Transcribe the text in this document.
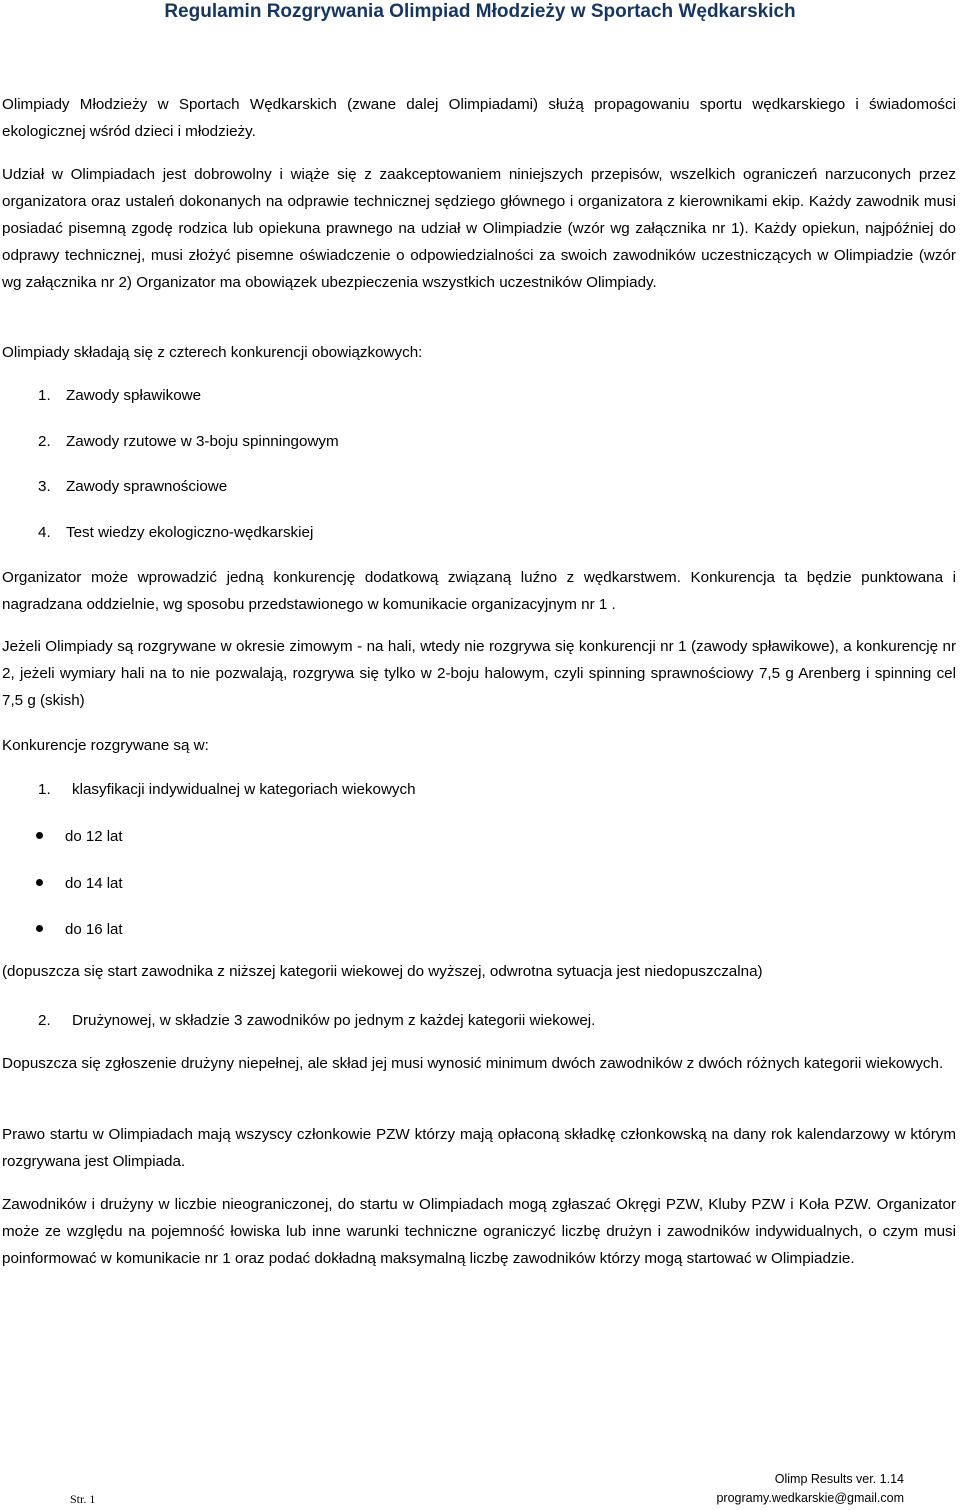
Regulamin Rozgrywania Olimpiad Młodzieży w Sportach Wędkarskich

Olimpiady Młodzieży w Sportach Wędkarskich (zwane dalej Olimpiadami) służą propagowaniu sportu wędkarskiego i świadomości ekologicznej wśród dzieci i młodzieży.

Udział w Olimpiadach jest dobrowolny i wiąże się z zaakceptowaniem niniejszych przepisów, wszelkich ograniczeń narzuconych przez organizatora oraz ustaleń dokonanych na odprawie technicznej sędziego głównego i organizatora z kierownikami ekip. Każdy zawodnik musi posiadać pisemną zgodę rodzica lub opiekuna prawnego na udział w Olimpiadzie (wzór wg załącznika nr 1). Każdy opiekun, najpóźniej do odprawy technicznej, musi złożyć pisemne oświadczenie o odpowiedzialności za swoich zawodników uczestniczących w Olimpiadzie (wzór wg załącznika nr 2) Organizator ma obowiązek ubezpieczenia wszystkich uczestników Olimpiady.

Olimpiady składają się z czterech konkurencji obowiązkowych:

1. Zawody spławikowe
2. Zawody rzutowe w 3-boju spinningowym
3. Zawody sprawnościowe
4. Test wiedzy ekologiczno-wędkarskiej

Organizator może wprowadzić jedną konkurencję dodatkową związaną luźno z wędkarstwem. Konkurencja ta będzie punktowana i nagradzana oddzielnie, wg sposobu przedstawionego w komunikacie organizacyjnym nr 1 .

Jeżeli Olimpiady są rozgrywane w okresie zimowym - na hali, wtedy nie rozgrywa się konkurencji nr 1 (zawody spławikowe), a konkurencję nr 2, jeżeli wymiary hali na to nie pozwalają, rozgrywa się tylko w 2-boju halowym, czyli spinning sprawnościowy 7,5 g Arenberg i spinning cel 7,5 g (skish)

Konkurencje rozgrywane są w:

1. klasyfikacji indywidualnej w kategoriach wiekowych
do 12 lat
do 14 lat
do 16 lat

(dopuszcza się start zawodnika z niższej kategorii wiekowej do wyższej, odwrotna sytuacja jest niedopuszczalna)

2. Drużynowej, w składzie 3 zawodników po jednym z każdej kategorii wiekowej.

Dopuszcza się zgłoszenie drużyny niepełnej, ale skład jej musi wynosić minimum dwóch zawodników z dwóch różnych kategorii wiekowych.

Prawo startu w Olimpiadach mają wszyscy członkowie PZW którzy mają opłaconą składkę członkowską na dany rok kalendarzowy w którym rozgrywana jest Olimpiada.

Zawodników i drużyny w liczbie nieograniczonej, do startu w Olimpiadach mogą zgłaszać Okręgi PZW, Kluby PZW i Koła PZW. Organizator może ze względu na pojemność łowiska lub inne warunki techniczne ograniczyć liczbę drużyn i zawodników indywidualnych, o czym musi poinformować w komunikacie nr 1 oraz podać dokładną maksymalną liczbę zawodników którzy mogą startować w Olimpiadzie.

Olimp Results ver. 1.14
programy.wedkarskie@gmail.com
Str. 1
